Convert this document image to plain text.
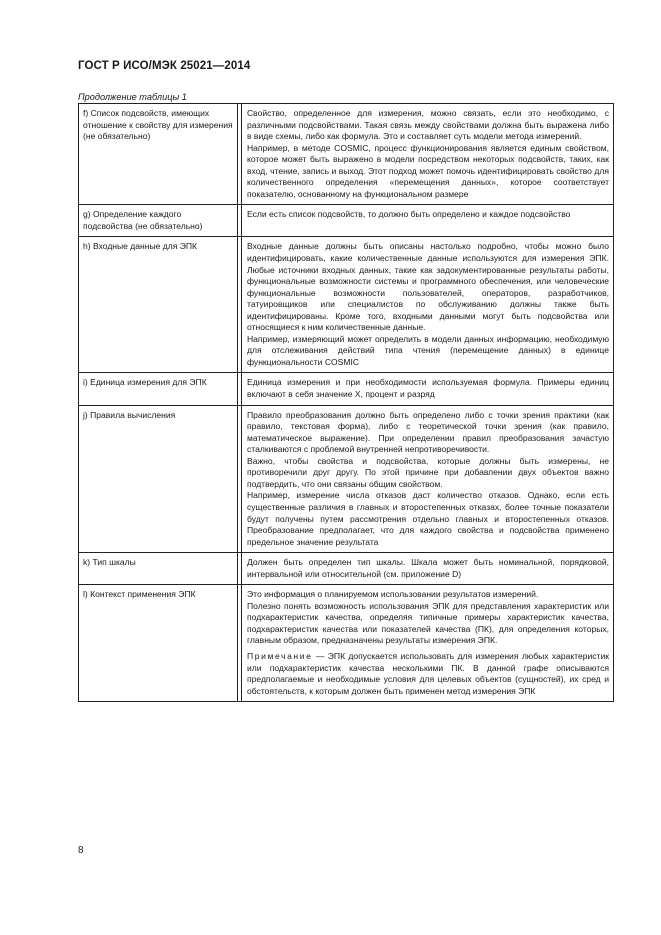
ГОСТ Р ИСО/МЭК 25021—2014
Продолжение таблицы 1
f) Список подсвойств, имеющих отношение к свойству для измерения (не обязательно)		Свойство, определенное для измерения, можно связать, если это необходимо, с различными подсвойствами. Такая связь между свойствами должна быть выражена либо в виде схемы, либо как формула. Это и составляет суть модели метода измерений.

Например, в методе COSMIC, процесс функционирования является единым свойством, которое может быть выражено в модели посредством некоторых подсвойств, таких, как вход, чтение, запись и выход. Этот подход может помочь идентифицировать свойство для количественного определения «перемещения данных», которое соответствует показателю, основанному на функциональном размере

g) Определение каждого подсвойства (не обязательно)		Если есть список подсвойств, то должно быть определено и каждое подсвойство

h) Входные данные для ЭПК		Входные данные должны быть описаны настолько подробно, чтобы можно было идентифицировать, какие количественные данные используются для измерения ЭПК. Любые источники входных данных, такие как задокументированные результаты работы, функциональные возможности системы и программного обеспечения, или человеческие функциональные возможности пользователей, операторов, разработчиков, татуировщиков или специалистов по обслуживанию должны также быть идентифицированы. Кроме того, входными данными могут быть подсвойства или относящиеся к ним количественные данные.

Например, измеряющий может определить в модели данных информацию, необходимую для отслеживания действий типа чтения (перемещение данных) в единице функциональности COSMIC

i) Единица измерения для ЭПК		Единица измерения и при необходимости используемая формула. Примеры единиц включают в себя значение X, процент и разряд

j) Правила вычисления		Правило преобразования должно быть определено либо с точки зрения практики (как правило, текстовая форма), либо с теоретической точки зрения (как правило, математическое выражение). При определении правил преобразования зачастую сталкиваются с проблемой внутренней непротиворечивости.

Важно, чтобы свойства и подсвойства, которые должны быть измерены, не противоречили друг другу. По этой причине при добавлении двух объектов важно подтвердить, что они связаны общим свойством.

Например, измерение числа отказов даст количество отказов. Однако, если есть существенные различия в главных и второстепенных отказах, более точные показатели будут получены путем рассмотрения отдельно главных и второстепенных отказов. Преобразование предполагает, что для каждого свойства и подсвойства применено предельное значение результата

k) Тип шкалы		Должен быть определен тип шкалы. Шкала может быть номинальной, порядковой, интервальной или относительной (см. приложение D)

l) Контекст применения ЭПК		Это информация о планируемом использовании результатов измерений.

Полезно понять возможность использования ЭПК для представления характеристик или подхарактеристик качества, определяя типичные примеры характеристик качества, подхарактеристик качества или показателей качества (ПК), для определения которых, главным образом, предназначены результаты измерения ЭПК.

Примечание — ЭПК допускается использовать для измерения любых характеристик или подхарактеристик качества несколькими ПК. В данной графе описываются предполагаемые и необходимые условия для целевых объектов (сущностей), их сред и обстоятельств, к которым должен быть применен метод измерения ЭПК

8
